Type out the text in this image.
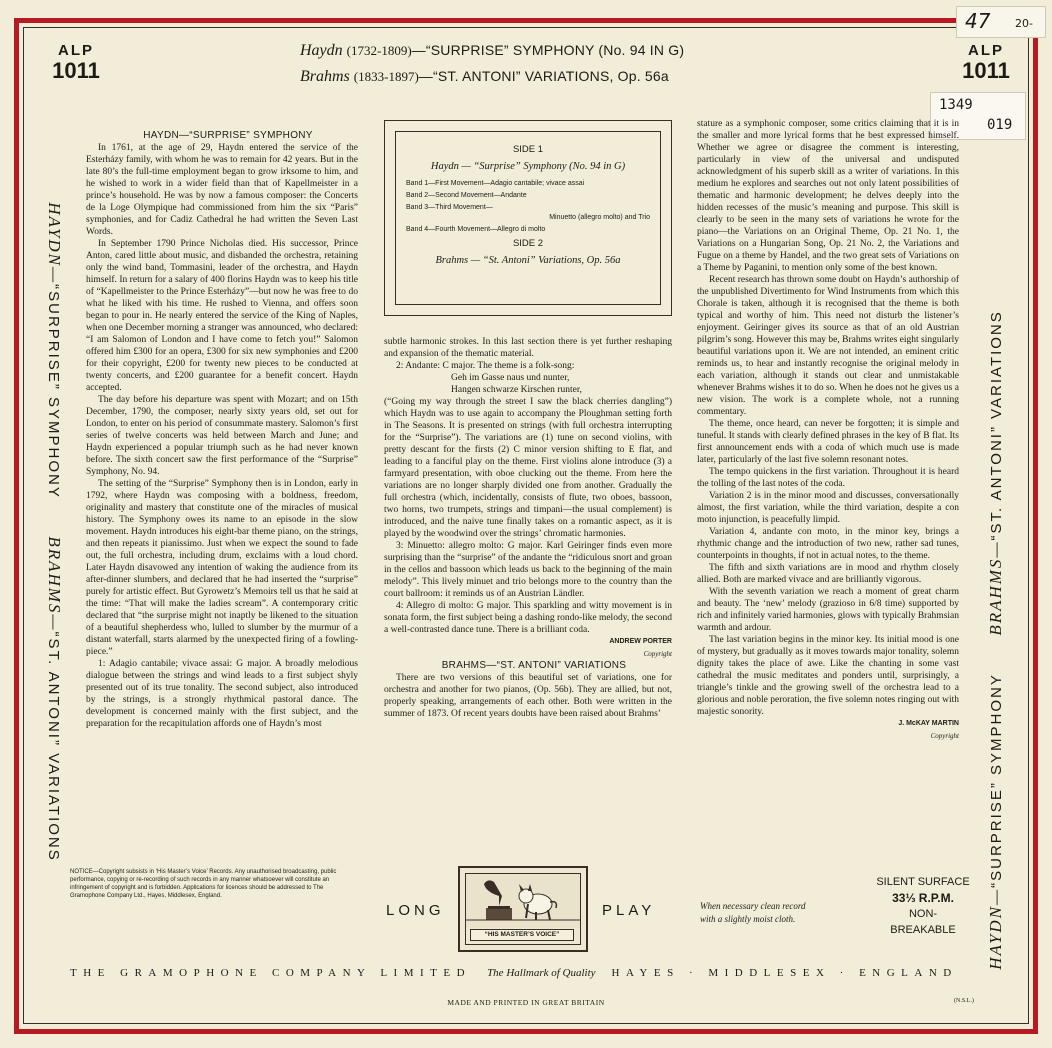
47 20-
1349
019
ALP
1011
ALP
1011
Haydn (1732-1809)—“SURPRISE” SYMPHONY (No. 94 IN G)
Brahms (1833-1897)—“ST. ANTONI” VARIATIONS, Op. 56a
HAYDN—“SURPRISE” SYMPHONY      BRAHMS—“ST. ANTONI” VARIATIONS
HAYDN—“SURPRISE” SYMPHONY      BRAHMS—“ST. ANTONI” VARIATIONS

HAYDN—“SURPRISE” SYMPHONY

In 1761, at the age of 29, Haydn entered the service of the Esterházy family, with whom he was to remain for 42 years. But in the late 80’s the full-time employment began to grow irksome to him, and he wished to work in a wider field than that of Kapellmeister in a prince’s household. He was by now a famous composer: the Concerts de la Loge Olympique had commissioned from him the six “Paris” symphonies, and for Cadiz Cathedral he had written the Seven Last Words.

In September 1790 Prince Nicholas died. His successor, Prince Anton, cared little about music, and disbanded the orchestra, retaining only the wind band, Tommasini, leader of the orchestra, and Haydn himself. In return for a salary of 400 florins Haydn was to keep his title of “Kapellmeister to the Prince Esterházy”—but now he was free to do what he liked with his time. He rushed to Vienna, and offers soon began to pour in. He nearly entered the service of the King of Naples, when one December morning a stranger was announced, who declared: “I am Salomon of London and I have come to fetch you!” Salomon offered him £300 for an opera, £300 for six new symphonies and £200 for their copyright, £200 for twenty new pieces to be conducted at twenty concerts, and £200 guarantee for a benefit concert. Haydn accepted.

The day before his departure was spent with Mozart; and on 15th December, 1790, the composer, nearly sixty years old, set out for London, to enter on his period of consummate mastery. Salomon’s first series of twelve concerts was held between March and June; and Haydn experienced a popular triumph such as he had never known before. The sixth concert saw the first performance of the “Surprise” Symphony, No. 94.

The setting of the “Surprise” Symphony then is in London, early in 1792, where Haydn was composing with a boldness, freedom, originality and mastery that constitute one of the miracles of musical history. The Symphony owes its name to an episode in the slow movement. Haydn introduces his eight-bar theme piano, on the strings, and then repeats it pianissimo. Just when we expect the sound to fade out, the full orchestra, including drum, exclaims with a loud chord. Later Haydn disavowed any intention of waking the audience from its after-dinner slumbers, and declared that he had inserted the “surprise” purely for artistic effect. But Gyrowetz’s Memoirs tell us that he said at the time: “That will make the ladies scream”. A contemporary critic declared that “the surprise might not inaptly be likened to the situation of a beautiful shepherdess who, lulled to slumber by the murmur of a distant waterfall, starts alarmed by the unexpected firing of a fowling-piece.”

1: Adagio cantabile; vivace assai: G major. A broadly melodious dialogue between the strings and wind leads to a first subject shyly presented out of its true tonality. The second subject, also introduced by the strings, is a strongly rhythmical pastoral dance. The development is concerned mainly with the first subject, and the preparation for the recapitulation affords one of Haydn’s most

SIDE 1

Haydn — “Surprise” Symphony (No. 94 in G)

Band 1—First Movement—Adagio cantabile; vivace assai

Band 2—Second Movement—Andante

Band 3—Third Movement—

Minuetto (allegro molto) and Trio

Band 4—Fourth Movement—Allegro di molto

SIDE 2

Brahms — “St. Antoni” Variations, Op. 56a

subtle harmonic strokes. In this last section there is yet further reshaping and expansion of the thematic material.

2: Andante: C major. The theme is a folk-song:

Geh im Gasse naus und nunter,

Hangen schwarze Kirschen runter,

(“Going my way through the street I saw the black cherries dangling”) which Haydn was to use again to accompany the Ploughman setting forth in The Seasons. It is presented on strings (with full orchestra interrupting for the “Surprise”). The variations are (1) tune on second violins, with pretty descant for the firsts (2) C minor version shifting to E flat, and leading to a fanciful play on the theme. First violins alone introduce (3) a farmyard presentation, with oboe clucking out the theme. From here the variations are no longer sharply divided one from another. Gradually the full orchestra (which, incidentally, consists of flute, two oboes, bassoon, two horns, two trumpets, strings and timpani—the usual complement) is introduced, and the naive tune finally takes on a romantic aspect, as it is played by the woodwind over the strings’ chromatic harmonies.

3: Minuetto: allegro molto: G major. Karl Geiringer finds even more surprising than the “surprise” of the andante the “ridiculous snort and groan in the cellos and bassoon which leads us back to the beginning of the main melody”. This lively minuet and trio belongs more to the country than the court ballroom: it reminds us of an Austrian Ländler.

4: Allegro di molto: G major. This sparkling and witty movement is in sonata form, the first subject being a dashing rondo-like melody, the second a well-contrasted dance tune. There is a brilliant coda.

ANDREW PORTER

Copyright

BRAHMS—“ST. ANTONI” VARIATIONS

There are two versions of this beautiful set of variations, one for orchestra and another for two pianos, (Op. 56b). They are allied, but not, properly speaking, arrangements of each other. Both were written in the summer of 1873. Of recent years doubts have been raised about Brahms’

stature as a symphonic composer, some critics claiming that it is in the smaller and more lyrical forms that he best expressed himself. Whether we agree or disagree the comment is interesting, particularly in view of the universal and undisputed acknowledgment of his superb skill as a writer of variations. In this medium he explores and searches out not only latent possibilities of thematic and harmonic development; he delves deeply into the hidden recesses of the music’s meaning and purpose. This skill is clearly to be seen in the many sets of variations he wrote for the piano—the Variations on an Original Theme, Op. 21 No. 1, the Variations on a Hungarian Song, Op. 21 No. 2, the Variations and Fugue on a theme by Handel, and the two great sets of Variations on a Theme by Paganini, to mention only some of the best known.

Recent research has thrown some doubt on Haydn’s authorship of the unpublished Divertimento for Wind Instruments from which this Chorale is taken, although it is recognised that the theme is both typical and worthy of him. This need not disturb the listener’s enjoyment. Geiringer gives its source as that of an old Austrian pilgrim’s song. However this may be, Brahms writes eight singularly beautiful variations upon it. We are not intended, an eminent critic reminds us, to hear and instantly recognise the original melody in each variation, although it stands out clear and unmistakable whenever Brahms wishes it to do so. When he does not he gives us a new vision. The work is a complete whole, not a running commentary.

The theme, once heard, can never be forgotten; it is simple and tuneful. It stands with clearly defined phrases in the key of B flat. Its first announcement ends with a coda of which much use is made later, particularly of the last five solemn resonant notes.

The tempo quickens in the first variation. Throughout it is heard the tolling of the last notes of the coda.

Variation 2 is in the minor mood and discusses, conversationally almost, the first variation, while the third variation, despite a con moto injunction, is peacefully limpid.

Variation 4, andante con moto, in the minor key, brings a rhythmic change and the introduction of two new, rather sad tunes, counterpoints in thoughts, if not in actual notes, to the theme.

The fifth and sixth variations are in mood and rhythm closely allied. Both are marked vivace and are brilliantly vigorous.

With the seventh variation we reach a moment of great charm and beauty. The ‘new’ melody (grazioso in 6/8 time) supported by rich and infinitely varied harmonies, glows with typically Brahmsian warmth and ardour.

The last variation begins in the minor key. Its initial mood is one of mystery, but gradually as it moves towards major tonality, solemn dignity takes the place of awe. Like the chanting in some vast cathedral the music meditates and ponders until, surprisingly, a triangle’s tinkle and the growing swell of the orchestra lead to a glorious and noble peroration, the five solemn notes ringing out with majestic sonority.

J. McKAY MARTIN

Copyright

NOTICE—Copyright subsists in ‘His Master’s Voice’ Records. Any unauthorised broadcasting, public performance, copying or re-recording of such records in any manner whatsoever will constitute an infringement of copyright and is forbidden. Applications for licences should be addressed to The Gramophone Company Ltd., Hayes, Middlesex, England.
LONG
“HIS MASTER’S VOICE”
PLAY	When necessary clean record with a slightly moist cloth.
SILENT SURFACE
33⅓ R.P.M.
NON-
BREAKABLE
THE GRAMOPHONE COMPANY LIMITED The Hallmark of Quality HAYES · MIDDLESEX · ENGLAND
MADE AND PRINTED IN GREAT BRITAIN	(N.S.L.)
